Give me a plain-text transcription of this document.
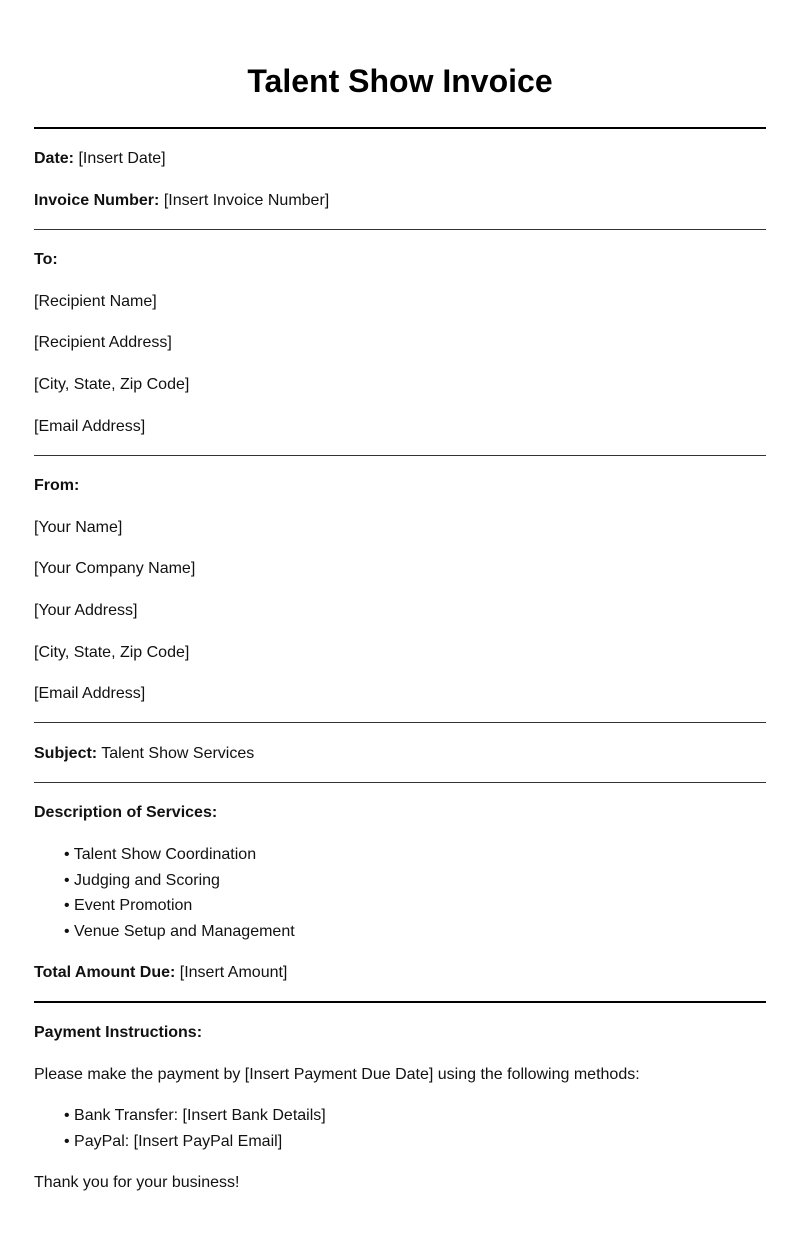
Talent Show Invoice
Date: [Insert Date]
Invoice Number: [Insert Invoice Number]
To:
[Recipient Name]
[Recipient Address]
[City, State, Zip Code]
[Email Address]
From:
[Your Name]
[Your Company Name]
[Your Address]
[City, State, Zip Code]
[Email Address]
Subject: Talent Show Services
Description of Services:
• Talent Show Coordination
• Judging and Scoring
• Event Promotion
• Venue Setup and Management
Total Amount Due: [Insert Amount]
Payment Instructions:
Please make the payment by [Insert Payment Due Date] using the following methods:
• Bank Transfer: [Insert Bank Details]
• PayPal: [Insert PayPal Email]
Thank you for your business!
